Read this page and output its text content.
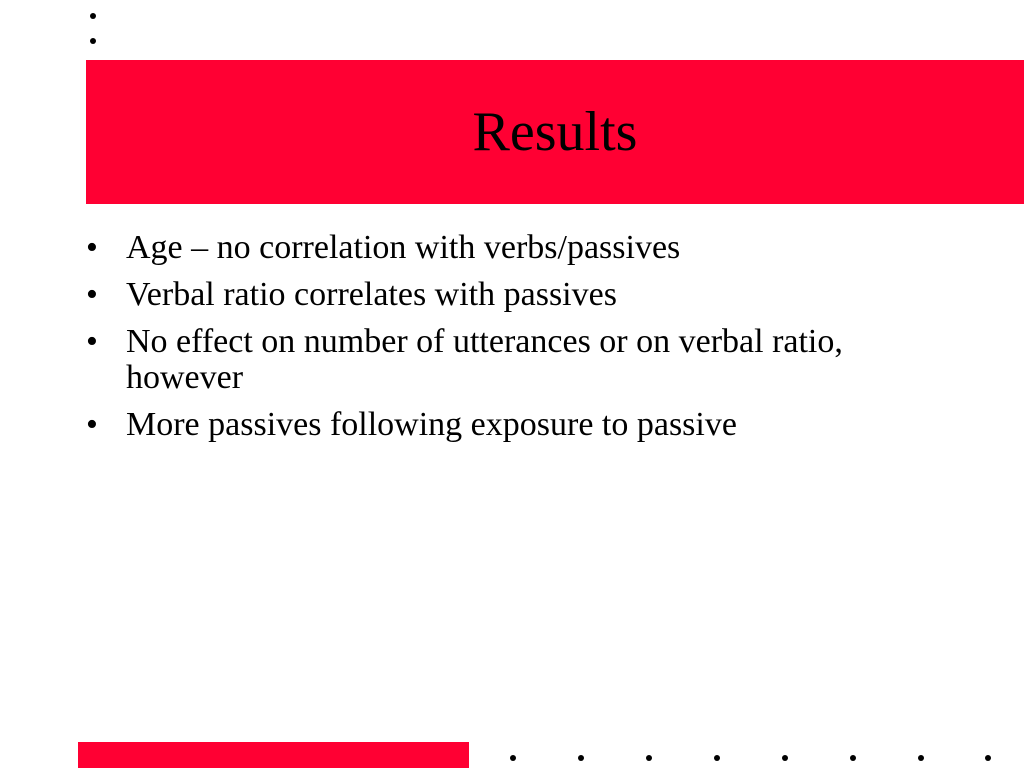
Results
• Age – no correlation with verbs/passives
• Verbal ratio correlates with passives
• No effect on number of utterances or on verbal ratio, however
• More passives following exposure to passive
